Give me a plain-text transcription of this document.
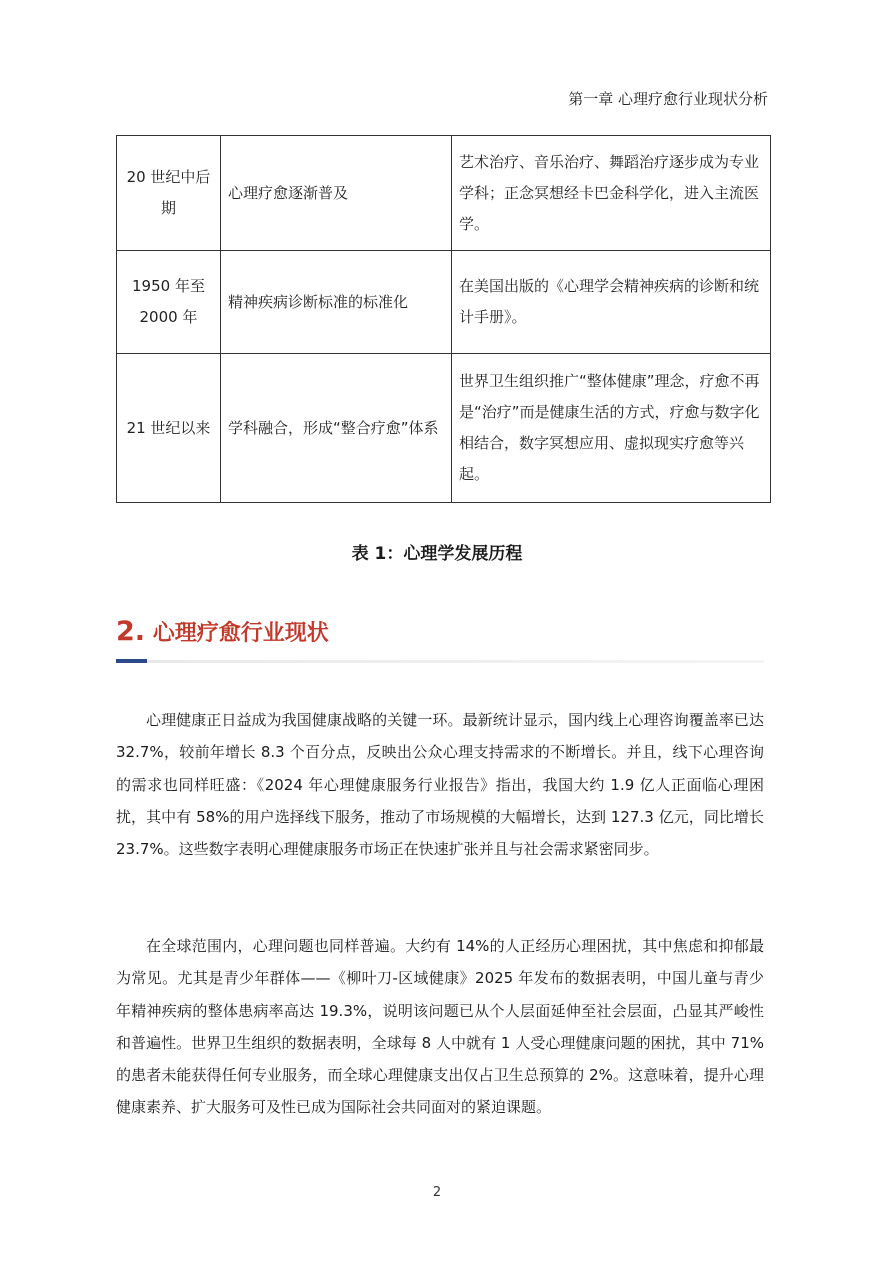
第一章 心理疗愈行业现状分析
20 世纪中后期	心理疗愈逐渐普及	艺术治疗、音乐治疗、舞蹈治疗逐步成为专业学科；正念冥想经卡巴金科学化，进入主流医学。
1950 年至 2000 年	精神疾病诊断标准的标准化	在美国出版的《心理学会精神疾病的诊断和统计手册》。
21 世纪以来	学科融合，形成“整合疗愈”体系	世界卫生组织推广“整体健康”理念，疗愈不再是“治疗”而是健康生活的方式，疗愈与数字化相结合，数字冥想应用、虚拟现实疗愈等兴起。
表 1：心理学发展历程
2. 心理疗愈行业现状

心理健康正日益成为我国健康战略的关键一环。最新统计显示，国内线上心理咨询覆盖率已达 32.7%，较前年增长 8.3 个百分点，反映出公众心理支持需求的不断增长。并且，线下心理咨询的需求也同样旺盛：《2024 年心理健康服务行业报告》指出，我国大约 1.9 亿人正面临心理困扰，其中有 58%的用户选择线下服务，推动了市场规模的大幅增长，达到 127.3 亿元，同比增长 23.7%。这些数字表明心理健康服务市场正在快速扩张并且与社会需求紧密同步。

在全球范围内，心理问题也同样普遍。大约有 14%的人正经历心理困扰，其中焦虑和抑郁最为常见。尤其是青少年群体——《柳叶刀-区域健康》2025 年发布的数据表明，中国儿童与青少年精神疾病的整体患病率高达 19.3%，说明该问题已从个人层面延伸至社会层面，凸显其严峻性和普遍性。世界卫生组织的数据表明，全球每 8 人中就有 1 人受心理健康问题的困扰，其中 71%的患者未能获得任何专业服务，而全球心理健康支出仅占卫生总预算的 2%。这意味着，提升心理健康素养、扩大服务可及性已成为国际社会共同面对的紧迫课题。

2
